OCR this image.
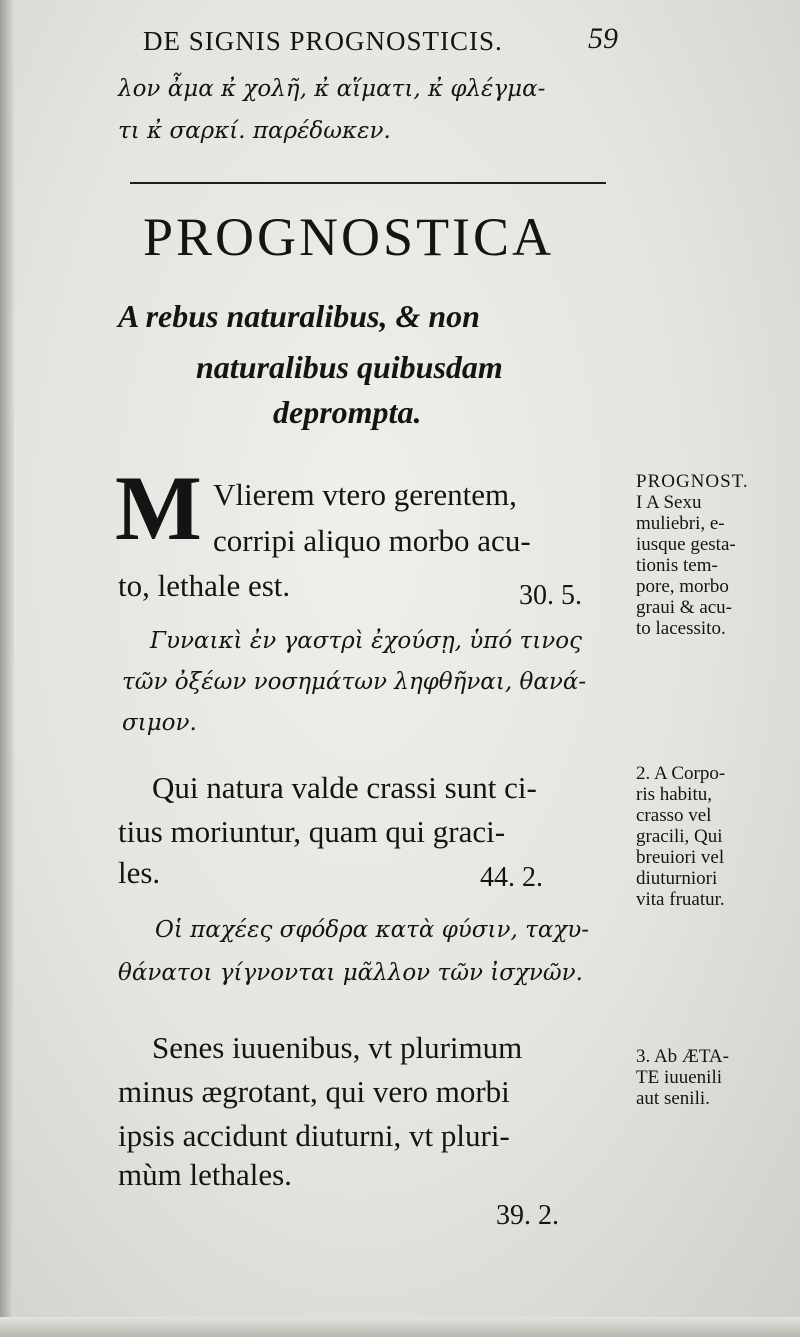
DE SIGNIS PROGNOSTICIS.	59
λον ἆμα κ̓ χολῆ, κ̓ αἵματι, κ̓ φλέγμα-
τι κ̓ σαρκί. παρέδωκεν.
PROGNOSTICA
A rebus naturalibus, & non
naturalibus quibusdam
deprompta.
M Vlierem vtero gerentem,
corripi aliquo morbo acu-
to, lethale est.	30. 5.
Γυναικὶ ἐν γαστρὶ ἐχούσῃ, ὑπό τινος
τῶν ὀξέων νοσημάτων ληφθῆναι, θανά-
σιμον.
Qui natura valde crassi sunt ci-
tius moriuntur, quam qui graci-
les.	44. 2.
Οἱ παχέες σφόδρα κατὰ φύσιν, ταχυ-
θάνατοι γίγνονται μᾶλλον τῶν ἰσχνῶν.
Senes iuuenibus, vt plurimum
minus ægrotant, qui vero morbi
ipsis accidunt diuturni, vt pluri-
mùm lethales.
39. 2.
PROGNOST.
I A Sexu
muliebri, e-
iusque gesta-
tionis tem-
pore, morbo
graui & acu-
to lacessito.
2. A Corpo-
ris habitu,
crasso vel
gracili, Qui
breuiori vel
diuturniori
vita fruatur.
3. Ab ÆTA-
TE iuuenili
aut senili.
